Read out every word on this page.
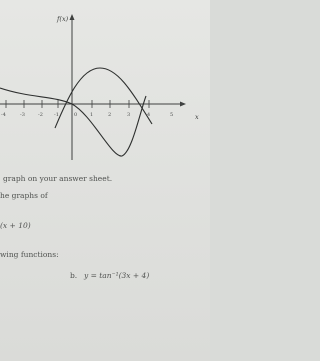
-4	-3	-2 -1	0	1	2	3	4	5
f(x)
x
graph on your answer sheet.
he graphs of
(x + 10)
wing functions:
b. y = tan⁻¹(3x + 4)
